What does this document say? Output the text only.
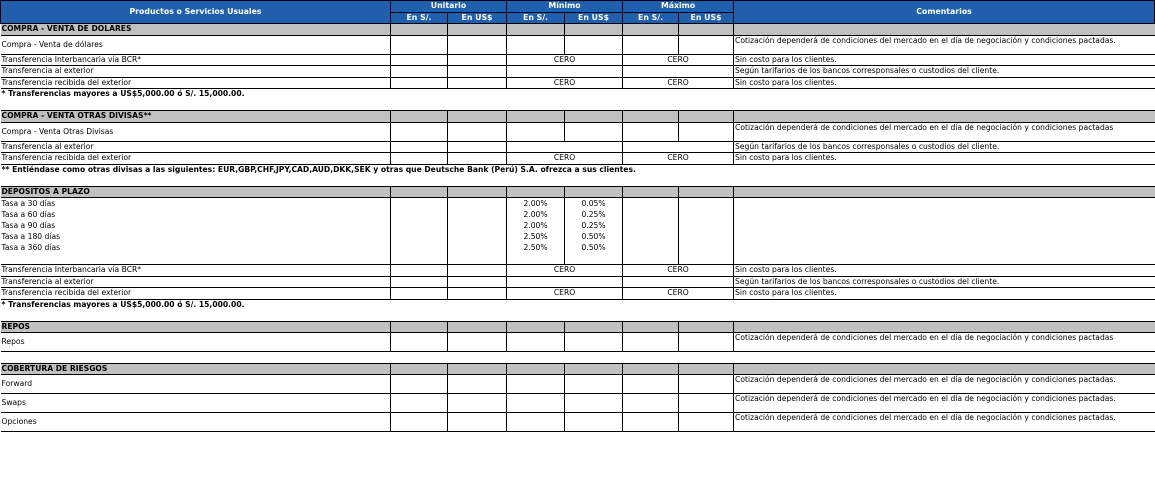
Productos o Servicios Usuales	Unitario		Mínimo		Máximo		Comentarios
	En S/.	En US$	En S/.	En US$	En S/.	En US$	
COMPRA - VENTA DE DOLARES							
Compra - Venta de dólares							Cotización dependerá de condiciones del mercado en el día de negociación y condiciones pactadas.
Transferencia Interbancaria vía BCR*			CERO		CERO		Sin costo para los clientes.
Transferencia al exterior							Según tarifarios de los bancos corresponsales o custodios del cliente.
Transferencia recibida del exterior			CERO		CERO		Sin costo para los clientes.
* Transferencias mayores a US$5,000.00 ó S/. 15,000.00.							

COMPRA - VENTA OTRAS DIVISAS**							
Compra - Venta Otras Divisas							Cotización dependerá de condiciones del mercado en el día de negociación y condiciones pactadas
Transferencia al exterior							Según tarifarios de los bancos corresponsales o custodios del cliente.
Transferencia recibida del exterior			CERO		CERO		Sin costo para los clientes.
** Entiéndase como otras divisas a las siguientes: EUR,GBP,CHF,JPY,CAD,AUD,DKK,SEK y otras que Deutsche Bank (Perú) S.A. ofrezca a sus clientes.							

DEPOSITOS A PLAZO							
Tasa a 30 días			2.00%	0.05%			
Tasa a 60 días			2.00%	0.25%			
Tasa a 90 días			2.00%	0.25%			
Tasa a 180 días			2.50%	0.50%			
Tasa a 360 días			2.50%	0.50%			

Transferencia Interbancaria vía BCR*			CERO		CERO		Sin costo para los clientes.
Transferencia al exterior							Según tarifarios de los bancos corresponsales o custodios del cliente.
Transferencia recibida del exterior			CERO		CERO		Sin costo para los clientes.
* Transferencias mayores a US$5,000.00 ó S/. 15,000.00.							

REPOS							
Repos							Cotización dependerá de condiciones del mercado en el día de negociación y condiciones pactadas

COBERTURA DE RIESGOS							
Forward							Cotización dependerá de condiciones del mercado en el día de negociación y condiciones pactadas.
Swaps							Cotización dependerá de condiciones del mercado en el día de negociación y condiciones pactadas.
Opciones							Cotización dependerá de condiciones del mercado en el día de negociación y condiciones pactadas.
